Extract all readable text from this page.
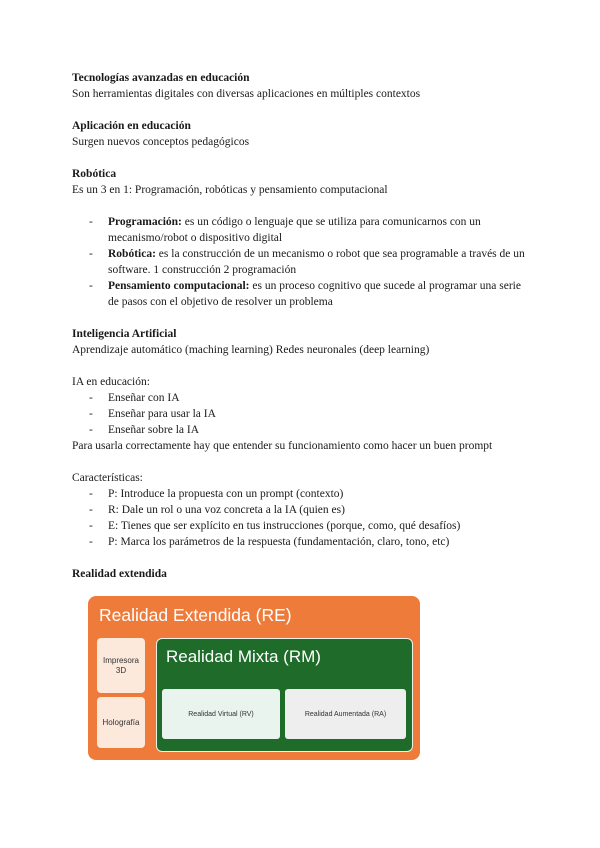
Tecnologías avanzadas en educación
Son herramientas digitales con diversas aplicaciones en múltiples contextos
Aplicación en educación
Surgen nuevos conceptos pedagógicos
Robótica
Es un 3 en 1: Programación, robóticas y pensamiento computacional
- Programación: es un código o lenguaje que se utiliza para comunicarnos con un mecanismo/robot o dispositivo digital
- Robótica: es la construcción de un mecanismo o robot que sea programable a través de un software. 1 construcción 2 programación
- Pensamiento computacional: es un proceso cognitivo que sucede al programar una serie de pasos con el objetivo de resolver un problema
Inteligencia Artificial
Aprendizaje automático (maching learning) Redes neuronales (deep learning)
IA en educación:
- Enseñar con IA
- Enseñar para usar la IA
- Enseñar sobre la IA
Para usarla correctamente hay que entender su funcionamiento como hacer un buen prompt
Características:
- P: Introduce la propuesta con un prompt (contexto)
- R: Dale un rol o una voz concreta a la IA (quien es)
- E: Tienes que ser explícito en tus instrucciones (porque, como, qué desafíos)
- P: Marca los parámetros de la respuesta (fundamentación, claro, tono, etc)
Realidad extendida
Realidad Extendida (RE)
Impresora 3D
Holografía
Realidad Mixta (RM)
Realidad Virtual (RV)	Realidad Aumentada (RA)
